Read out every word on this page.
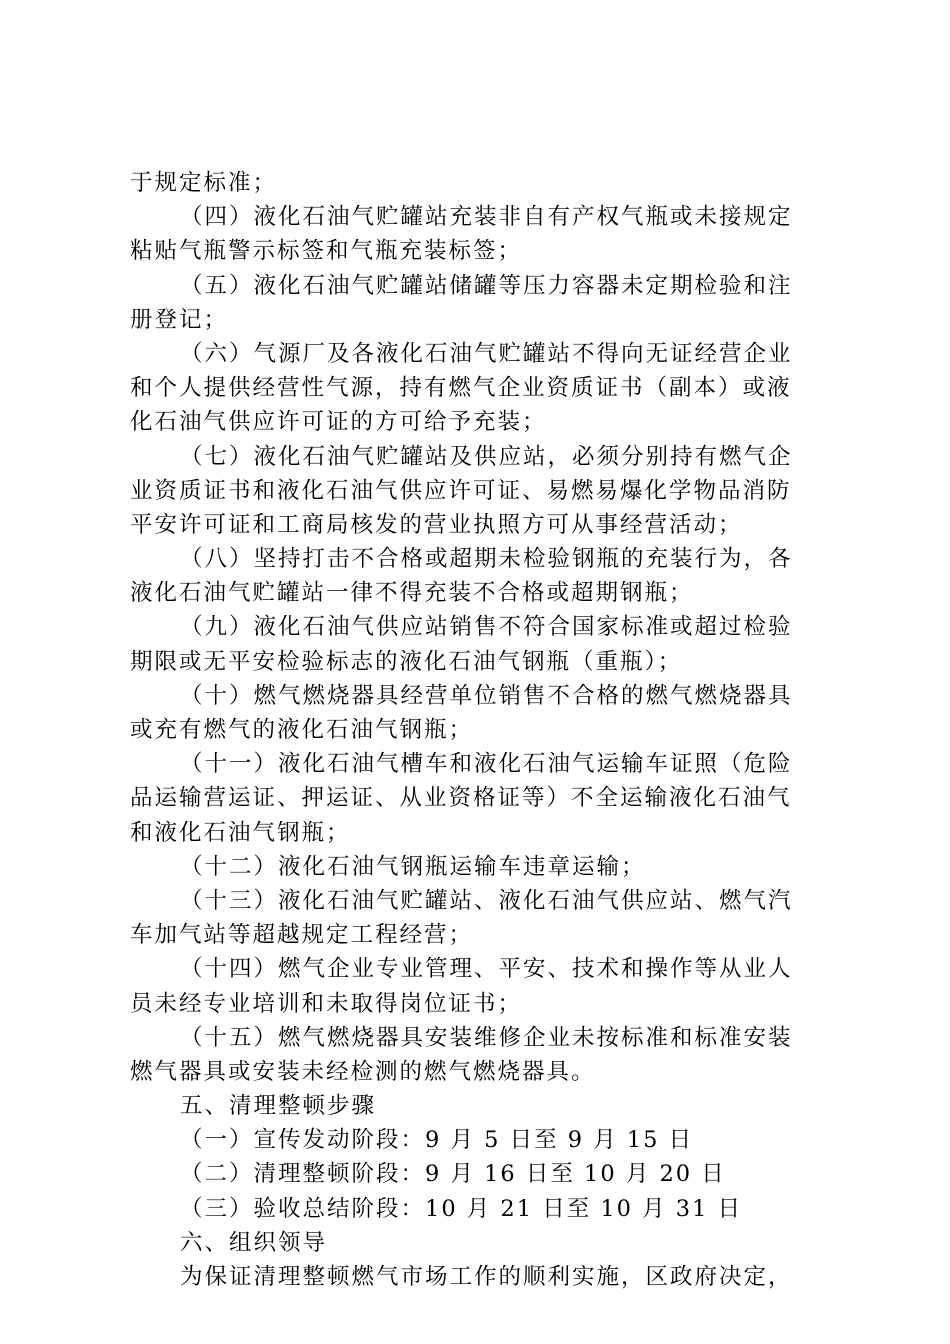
于规定标准；
（四）液化石油气贮罐站充装非自有产权气瓶或未接规定
粘贴气瓶警示标签和气瓶充装标签；
（五）液化石油气贮罐站储罐等压力容器未定期检验和注
册登记；
（六）气源厂及各液化石油气贮罐站不得向无证经营企业
和个人提供经营性气源，持有燃气企业资质证书（副本）或液
化石油气供应许可证的方可给予充装；
（七）液化石油气贮罐站及供应站，必须分别持有燃气企
业资质证书和液化石油气供应许可证、易燃易爆化学物品消防
平安许可证和工商局核发的营业执照方可从事经营活动；
（八）坚持打击不合格或超期未检验钢瓶的充装行为，各
液化石油气贮罐站一律不得充装不合格或超期钢瓶；
（九）液化石油气供应站销售不符合国家标准或超过检验
期限或无平安检验标志的液化石油气钢瓶（重瓶）；
（十）燃气燃烧器具经营单位销售不合格的燃气燃烧器具
或充有燃气的液化石油气钢瓶；
（十一）液化石油气槽车和液化石油气运输车证照（危险
品运输营运证、押运证、从业资格证等）不全运输液化石油气
和液化石油气钢瓶；
（十二）液化石油气钢瓶运输车违章运输；
（十三）液化石油气贮罐站、液化石油气供应站、燃气汽
车加气站等超越规定工程经营；
（十四）燃气企业专业管理、平安、技术和操作等从业人
员未经专业培训和未取得岗位证书；
（十五）燃气燃烧器具安装维修企业未按标准和标准安装
燃气器具或安装未经检测的燃气燃烧器具。
五、清理整顿步骤
（一）宣传发动阶段：9 月 5 日至 9 月 15 日
（二）清理整顿阶段：9 月 16 日至 10 月 20 日
（三）验收总结阶段：10 月 21 日至 10 月 31 日
六、组织领导
为保证清理整顿燃气市场工作的顺利实施，区政府决定，
